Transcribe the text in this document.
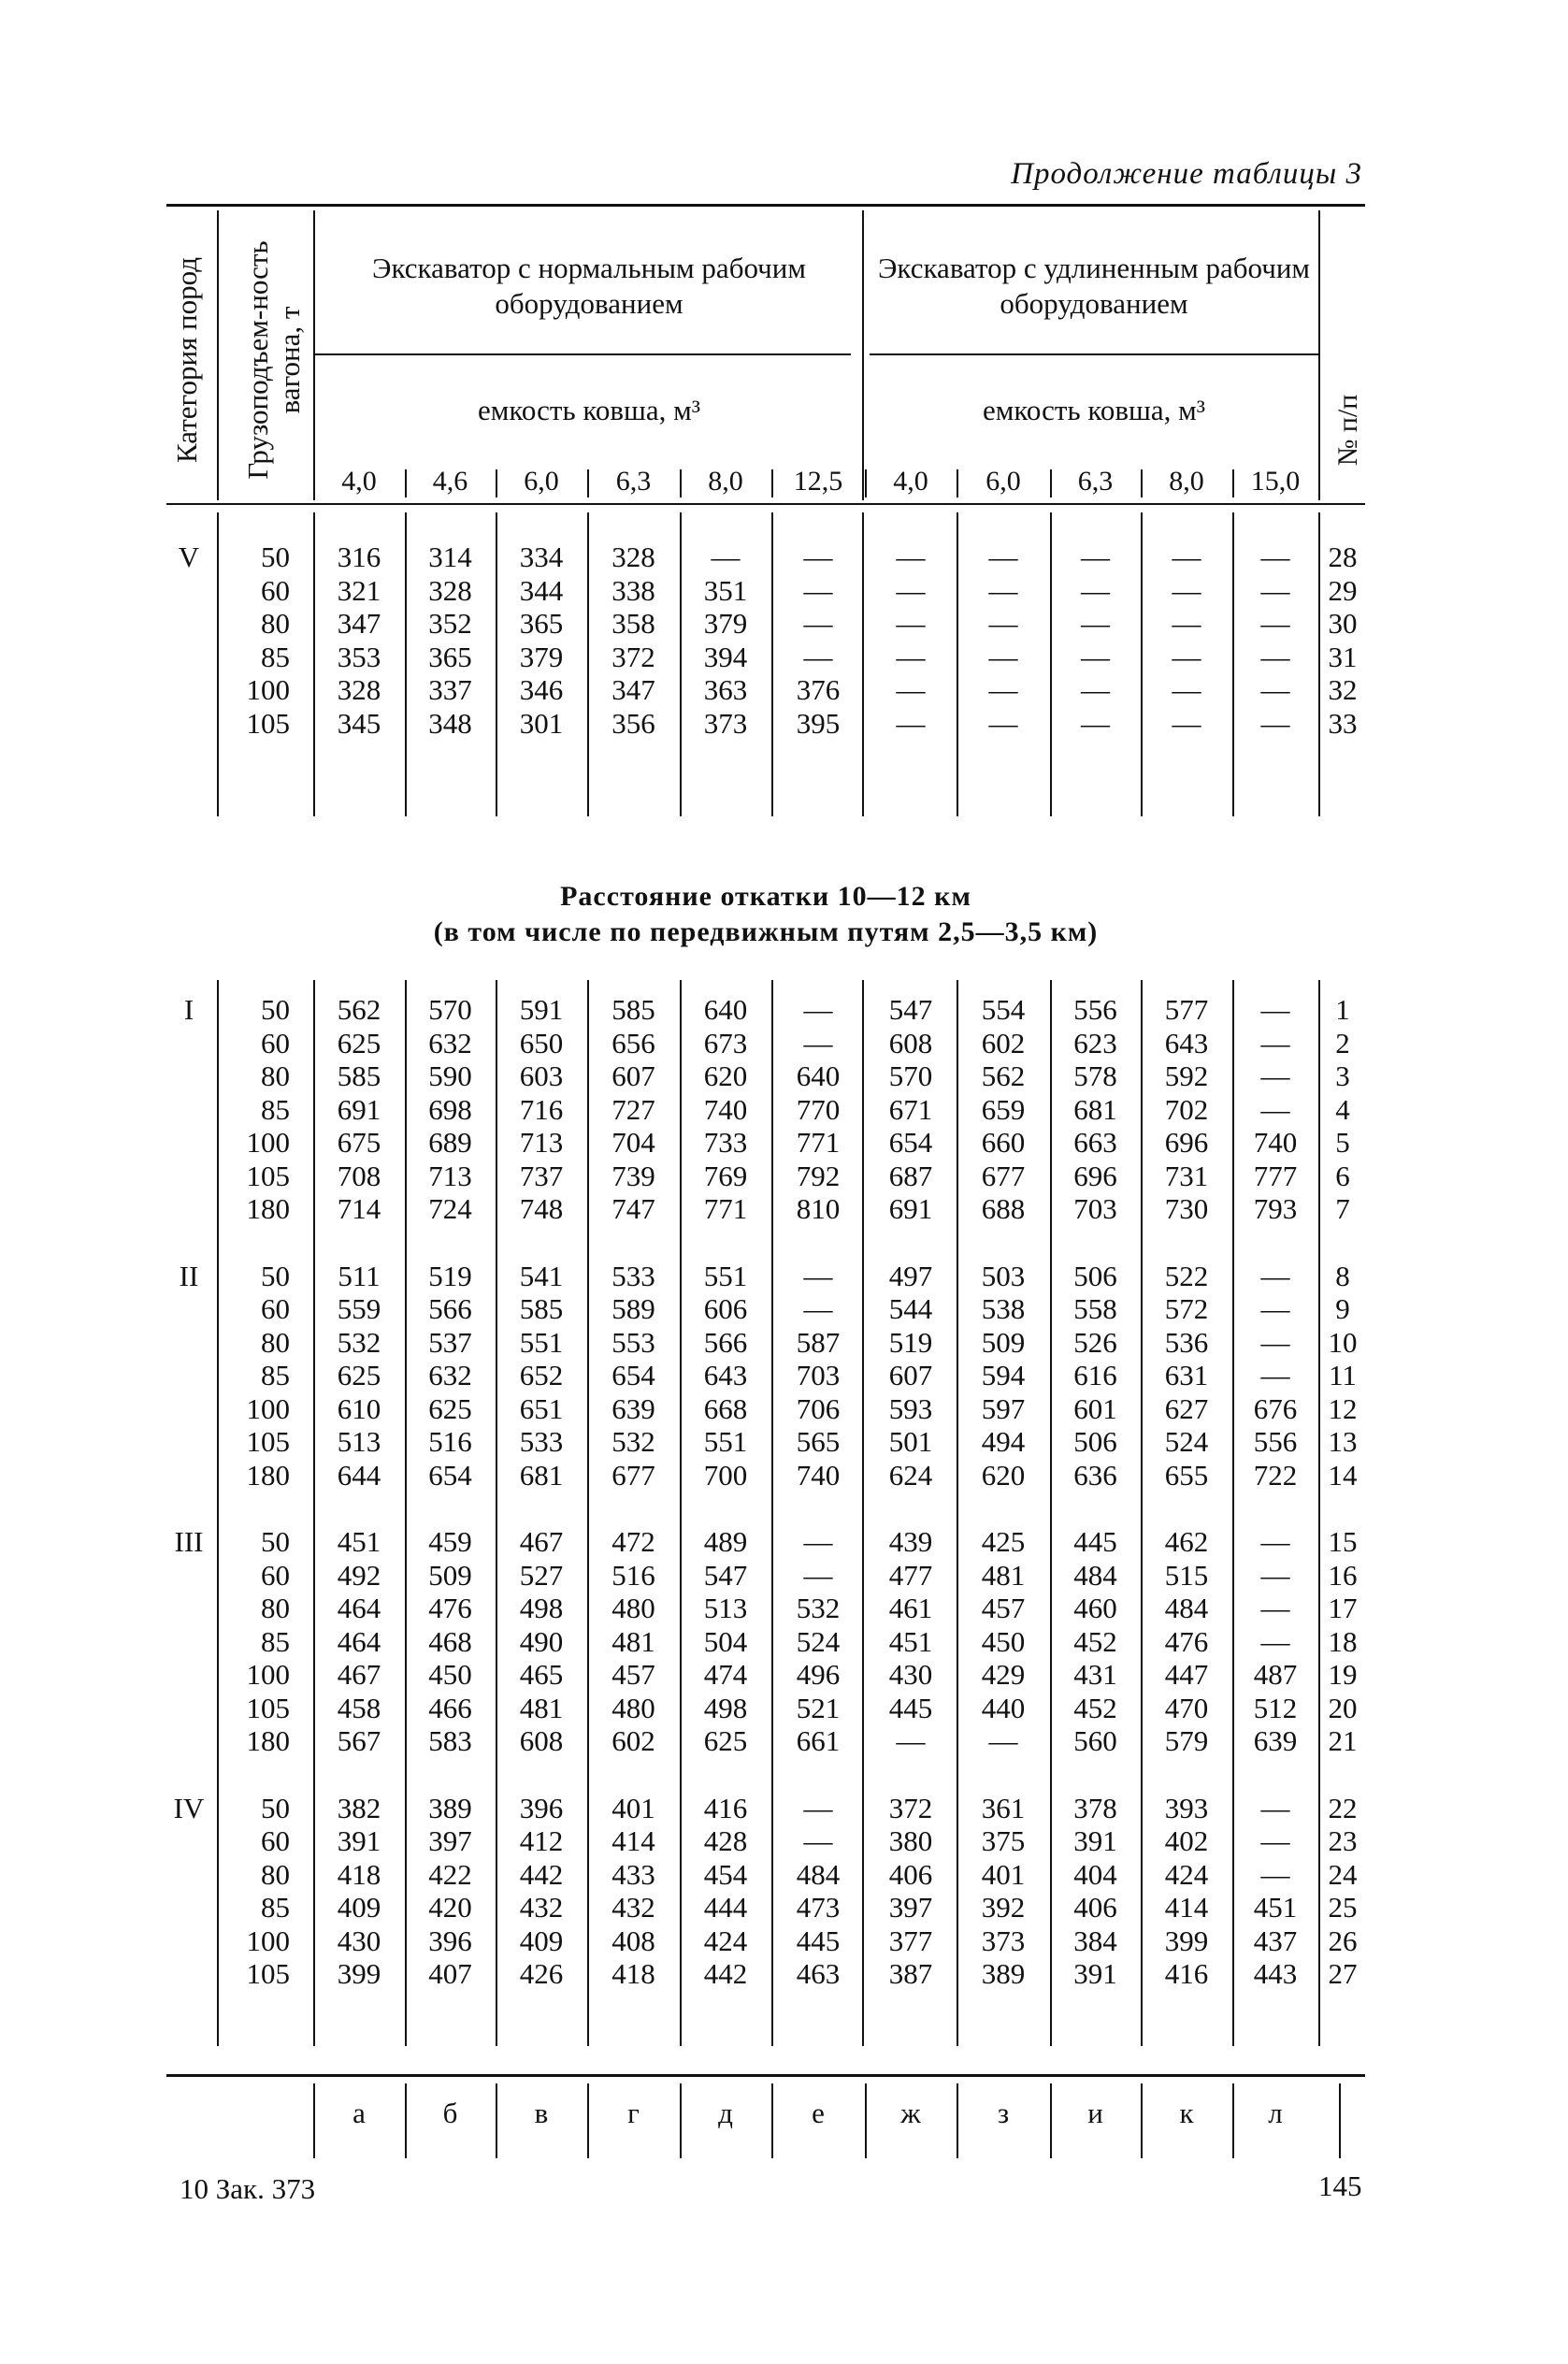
Продолжение таблицы 3
Категория пород Грузоподъем-ность вагона, т
Экскаватор с нормальным рабочим оборудованием
Экскаватор с удлиненным рабочим оборудованием
емкость ковша, м³	емкость ковша, м³	№ п/п
4,0	4,6	6,0	6,3	8,0	12,5	4,0	6,0	6,3	8,0	15,0
V	50	316	314	334	328	—	—	—	—	—	—	—	28
60	321	328	344	338	351	—	—	—	—	—	—	29
80	347	352	365	358	379	—	—	—	—	—	—	30
85	353	365	379	372	394	—	—	—	—	—	—	31
100	328	337	346	347	363	376	—	—	—	—	—	32
105	345	348	301	356	373	395	—	—	—	—	—	33
Расстояние откатки 10—12 км
(в том числе по передвижным путям 2,5—3,5 км)
I	50	562	570	591	585	640	—	547	554	556	577	—	1
60	625	632	650	656	673	—	608	602	623	643	—	2
80	585	590	603	607	620	640	570	562	578	592	—	3
85	691	698	716	727	740	770	671	659	681	702	—	4
100	675	689	713	704	733	771	654	660	663	696	740	5
105	708	713	737	739	769	792	687	677	696	731	777	6
180	714	724	748	747	771	810	691	688	703	730	793	7
II	50	511	519	541	533	551	—	497	503	506	522	—	8
60	559	566	585	589	606	—	544	538	558	572	—	9
80	532	537	551	553	566	587	519	509	526	536	—	10
85	625	632	652	654	643	703	607	594	616	631	—	11
100	610	625	651	639	668	706	593	597	601	627	676	12
105	513	516	533	532	551	565	501	494	506	524	556	13
180	644	654	681	677	700	740	624	620	636	655	722	14
III	50	451	459	467	472	489	—	439	425	445	462	—	15
60	492	509	527	516	547	—	477	481	484	515	—	16
80	464	476	498	480	513	532	461	457	460	484	—	17
85	464	468	490	481	504	524	451	450	452	476	—	18
100	467	450	465	457	474	496	430	429	431	447	487	19
105	458	466	481	480	498	521	445	440	452	470	512	20
180	567	583	608	602	625	661	—	—	560	579	639	21
IV	50	382	389	396	401	416	—	372	361	378	393	—	22
60	391	397	412	414	428	—	380	375	391	402	—	23
80	418	422	442	433	454	484	406	401	404	424	—	24
85	409	420	432	432	444	473	397	392	406	414	451	25
100	430	396	409	408	424	445	377	373	384	399	437	26
105	399	407	426	418	442	463	387	389	391	416	443	27
а	б	в	г	д	е	ж	з	и	к	л
10 Зак. 373	145
